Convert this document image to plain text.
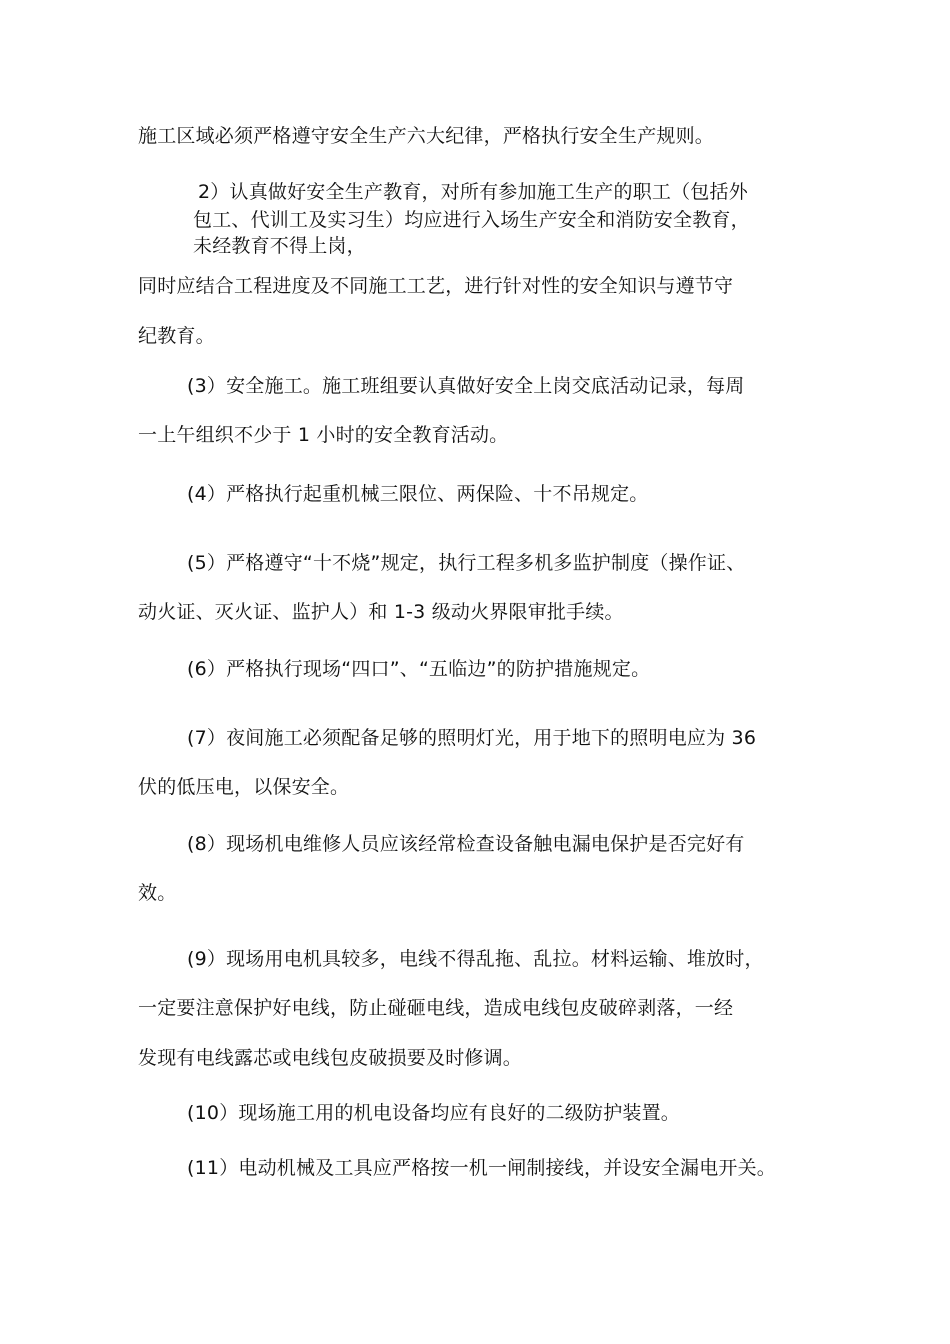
施工区域必须严格遵守安全生产六大纪律，严格执行安全生产规则。
2）认真做好安全生产教育，对所有参加施工生产的职工（包括外
包工、代训工及实习生）均应进行入场生产安全和消防安全教育，
未经教育不得上岗，
同时应结合工程进度及不同施工工艺，进行针对性的安全知识与遵节守
纪教育。
(3）安全施工。施工班组要认真做好安全上岗交底活动记录，每周
一上午组织不少于 1 小时的安全教育活动。
(4）严格执行起重机械三限位、两保险、十不吊规定。
(5）严格遵守“十不烧”规定，执行工程多机多监护制度（操作证、
动火证、灭火证、监护人）和 1-3 级动火界限审批手续。
(6）严格执行现场“四口”、“五临边”的防护措施规定。
(7）夜间施工必须配备足够的照明灯光，用于地下的照明电应为 36
伏的低压电，以保安全。
(8）现场机电维修人员应该经常检查设备触电漏电保护是否完好有
效。
(9）现场用电机具较多，电线不得乱拖、乱拉。材料运输、堆放时，
一定要注意保护好电线，防止碰砸电线，造成电线包皮破碎剥落，一经
发现有电线露芯或电线包皮破损要及时修调。
(10）现场施工用的机电设备均应有良好的二级防护装置。
(11）电动机械及工具应严格按一机一闸制接线，并设安全漏电开关。
